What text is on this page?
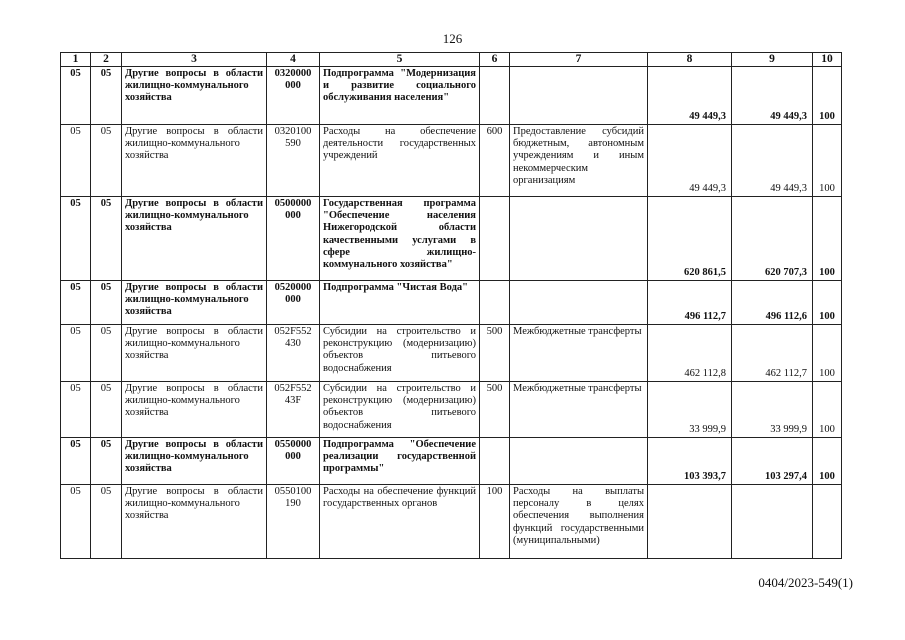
126
1	2	3	4	5	6	7	8	9	10
05	05	Другие вопросы в области жилищно-коммунального хозяйства	0320000 000	Подпрограмма "Модернизация и развитие социального обслуживания населения"			49 449,3	49 449,3	100
05	05	Другие вопросы в области жилищно-коммунального хозяйства	0320100 590	Расходы на обеспечение деятельности государственных учреждений	600	Предоставление субсидий бюджетным, автономным учреждениям и иным некоммерческим организациям	49 449,3	49 449,3	100
05	05	Другие вопросы в области жилищно-коммунального хозяйства	0500000 000	Государственная программа "Обеспечение населения Нижегородской области качественными услугами в сфере жилищно-коммунального хозяйства"			620 861,5	620 707,3	100
05	05	Другие вопросы в области жилищно-коммунального хозяйства	0520000 000	Подпрограмма "Чистая Вода"			496 112,7	496 112,6	100
05	05	Другие вопросы в области жилищно-коммунального хозяйства	052F552 430	Субсидии на строительство и реконструкцию (модернизацию) объектов питьевого водоснабжения	500	Межбюджетные трансферты	462 112,8	462 112,7	100
05	05	Другие вопросы в области жилищно-коммунального хозяйства	052F552 43F	Субсидии на строительство и реконструкцию (модернизацию) объектов питьевого водоснабжения	500	Межбюджетные трансферты	33 999,9	33 999,9	100
05	05	Другие вопросы в области жилищно-коммунального хозяйства	0550000 000	Подпрограмма "Обеспечение реализации государственной программы"			103 393,7	103 297,4	100
05	05	Другие вопросы в области жилищно-коммунального хозяйства	0550100 190	Расходы на обеспечение функций государственных органов	100	Расходы на выплаты персоналу в целях обеспечения выполнения функций государственными (муниципальными)			
0404/2023-549(1)
